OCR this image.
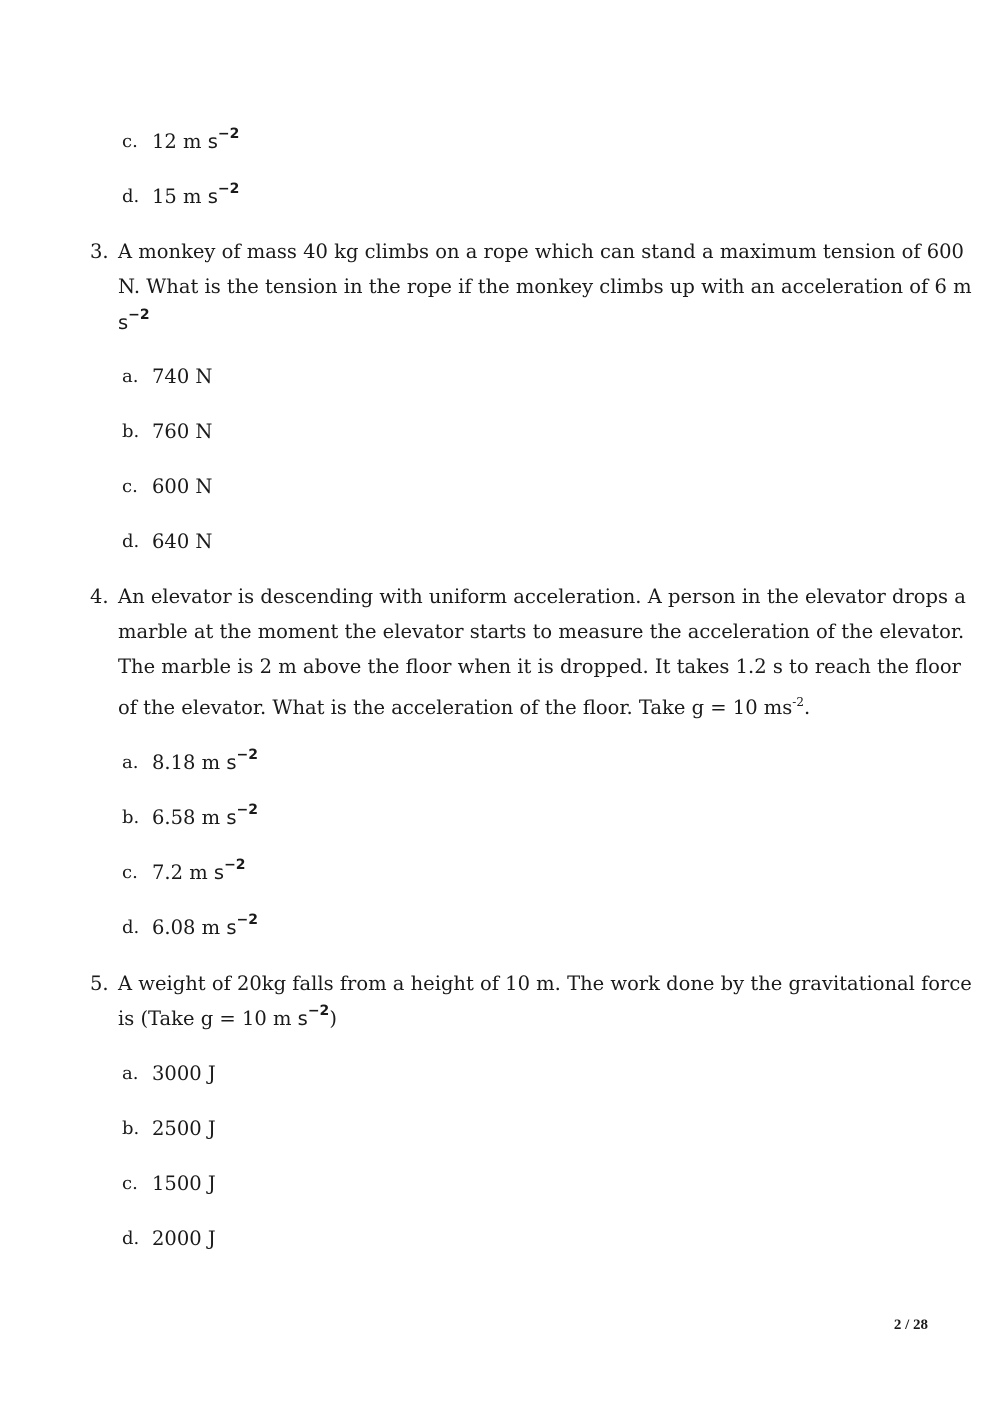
c. 12 m $s^{-2}$
d. 15 m $s^{-2}$
3. A monkey of mass 40 kg climbs on a rope which can stand a maximum tension of 600
N. What is the tension in the rope if the monkey climbs up with an acceleration of 6 m
$s^{-2}$
a. 740 N
b. 760 N
c. 600 N
d. 640 N
4. An elevator is descending with uniform acceleration. A person in the elevator drops a
marble at the moment the elevator starts to measure the acceleration of the elevator.
The marble is 2 m above the floor when it is dropped. It takes 1.2 s to reach the floor
of the elevator. What is the acceleration of the floor. Take g = 10 $ms^{-2}$.
a. 8.18 m $s^{-2}$
b. 6.58 m $s^{-2}$
c. 7.2 m $s^{-2}$
d. 6.08 m $s^{-2}$
5. A weight of 20kg falls from a height of 10 m. The work done by the gravitational force
is (Take g = 10 m $s^{-2}$)
a. 3000 J
b. 2500 J
c. 1500 J
d. 2000 J
2 / 28
